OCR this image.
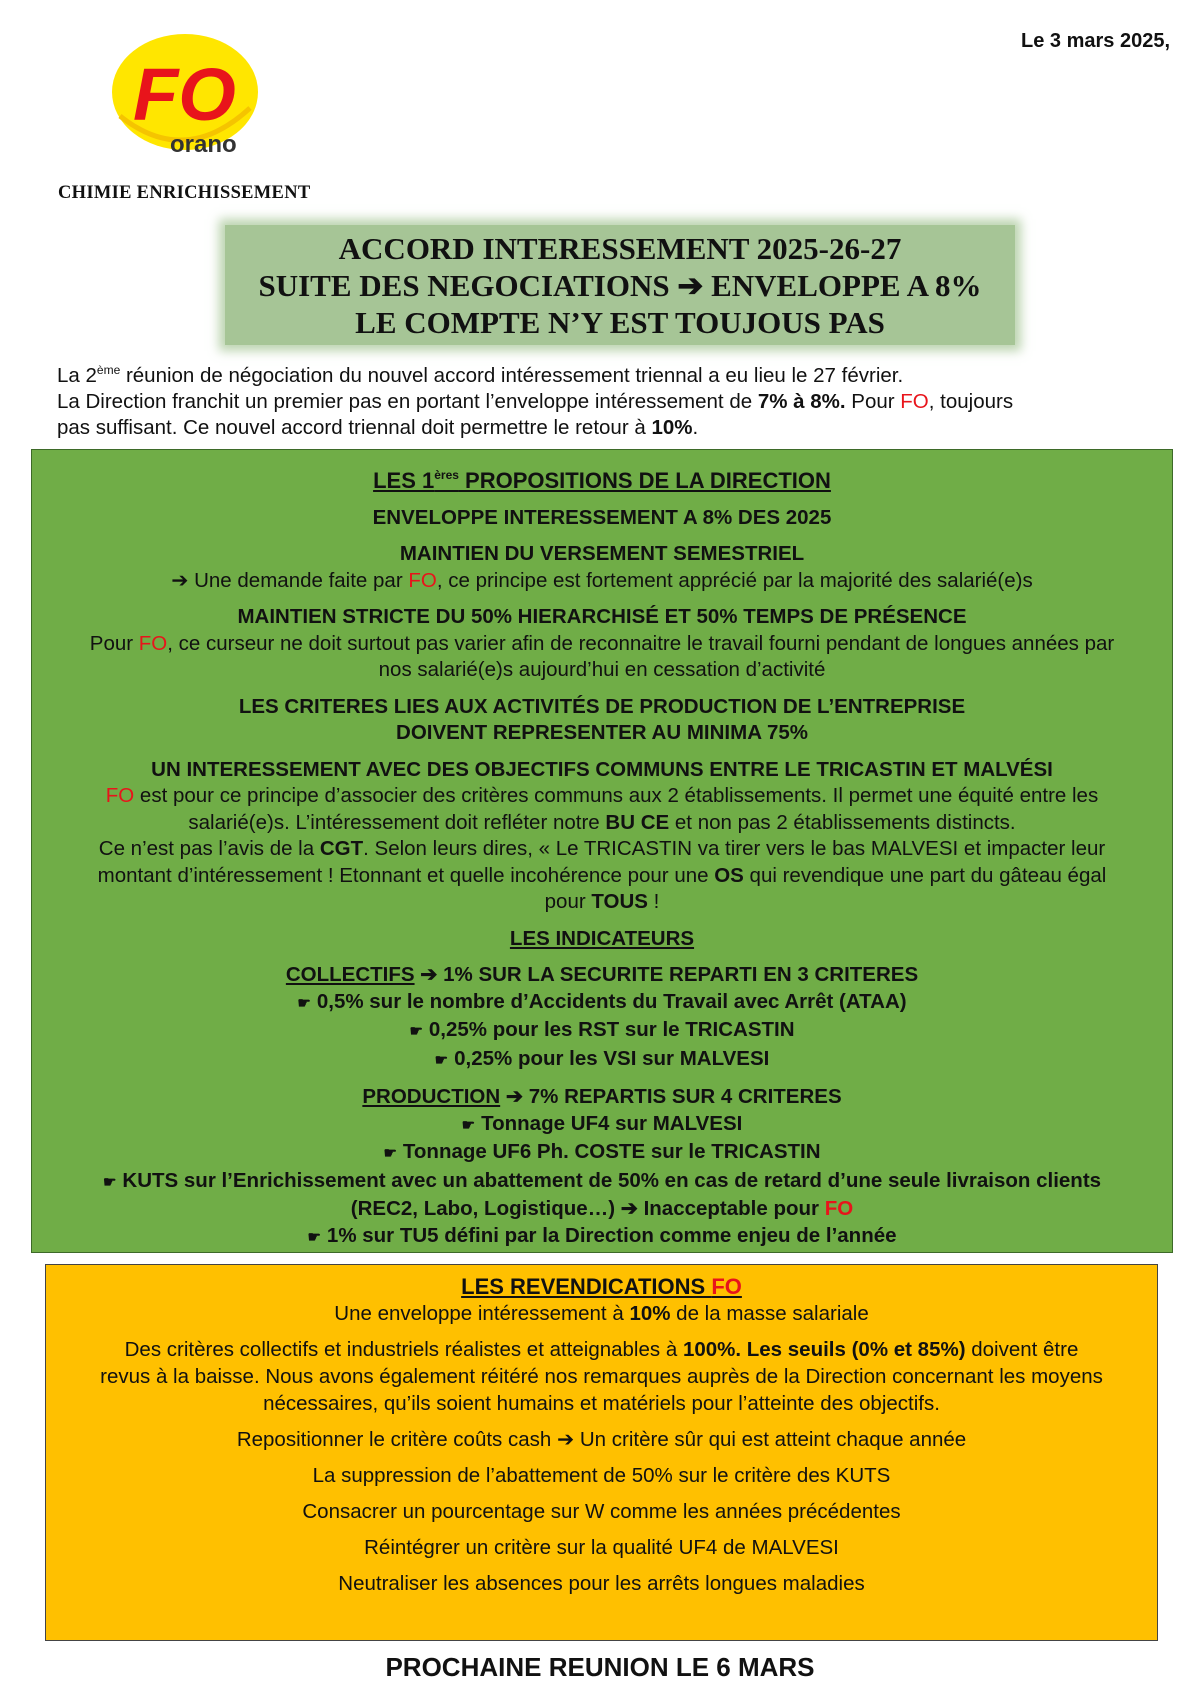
Le 3 mars 2025,
FO
orano
CHIMIE ENRICHISSEMENT
ACCORD INTERESSEMENT 2025-26-27
SUITE DES NEGOCIATIONS ➔ ENVELOPPE A 8%
LE COMPTE N’Y EST TOUJOUS PAS
La 2ème réunion de négociation du nouvel accord intéressement triennal a eu lieu le 27 février.
La Direction franchit un premier pas en portant l’enveloppe intéressement de 7% à 8%. Pour FO, toujours
pas suffisant. Ce nouvel accord triennal doit permettre le retour à 10%.

LES 1ères PROPOSITIONS DE LA DIRECTION

ENVELOPPE INTERESSEMENT A 8% DES 2025

MAINTIEN DU VERSEMENT SEMESTRIEL

➔ Une demande faite par FO, ce principe est fortement apprécié par la majorité des salarié(e)s

MAINTIEN STRICTE DU 50% HIERARCHISÉ ET 50% TEMPS DE PRÉSENCE

Pour FO, ce curseur ne doit surtout pas varier afin de reconnaitre le travail fourni pendant de longues années par

nos salarié(e)s aujourd’hui en cessation d’activité

LES CRITERES LIES AUX ACTIVITÉS DE PRODUCTION DE L’ENTREPRISE

DOIVENT REPRESENTER AU MINIMA 75%

UN INTERESSEMENT AVEC DES OBJECTIFS COMMUNS ENTRE LE TRICASTIN ET MALVÉSI

FO est pour ce principe d’associer des critères communs aux 2 établissements. Il permet une équité entre les

salarié(e)s. L’intéressement doit refléter notre BU CE et non pas 2 établissements distincts.

Ce n’est pas l’avis de la CGT. Selon leurs dires, « Le TRICASTIN va tirer vers le bas MALVESI et impacter leur

montant d’intéressement ! Etonnant et quelle incohérence pour une OS qui revendique une part du gâteau égal

pour TOUS !

LES INDICATEURS

COLLECTIFS ➔ 1% SUR LA SECURITE REPARTI EN 3 CRITERES

☛ 0,5% sur le nombre d’Accidents du Travail avec Arrêt (ATAA)

☛ 0,25% pour les RST sur le TRICASTIN

☛ 0,25% pour les VSI sur MALVESI

PRODUCTION ➔ 7% REPARTIS SUR 4 CRITERES

☛ Tonnage UF4 sur MALVESI

☛ Tonnage UF6 Ph. COSTE sur le TRICASTIN

☛ KUTS sur l’Enrichissement avec un abattement de 50% en cas de retard d’une seule livraison clients

(REC2, Labo, Logistique…) ➔ Inacceptable pour FO

☛ 1% sur TU5 défini par la Direction comme enjeu de l’année

LES REVENDICATIONS FO

Une enveloppe intéressement à 10% de la masse salariale

Des critères collectifs et industriels réalistes et atteignables à 100%. Les seuils (0% et 85%) doivent être

revus à la baisse. Nous avons également réitéré nos remarques auprès de la Direction concernant les moyens

nécessaires, qu’ils soient humains et matériels pour l’atteinte des objectifs.

Repositionner le critère coûts cash ➔ Un critère sûr qui est atteint chaque année

La suppression de l’abattement de 50% sur le critère des KUTS

Consacrer un pourcentage sur W comme les années précédentes

Réintégrer un critère sur la qualité UF4 de MALVESI

Neutraliser les absences pour les arrêts longues maladies

PROCHAINE REUNION LE 6 MARS
